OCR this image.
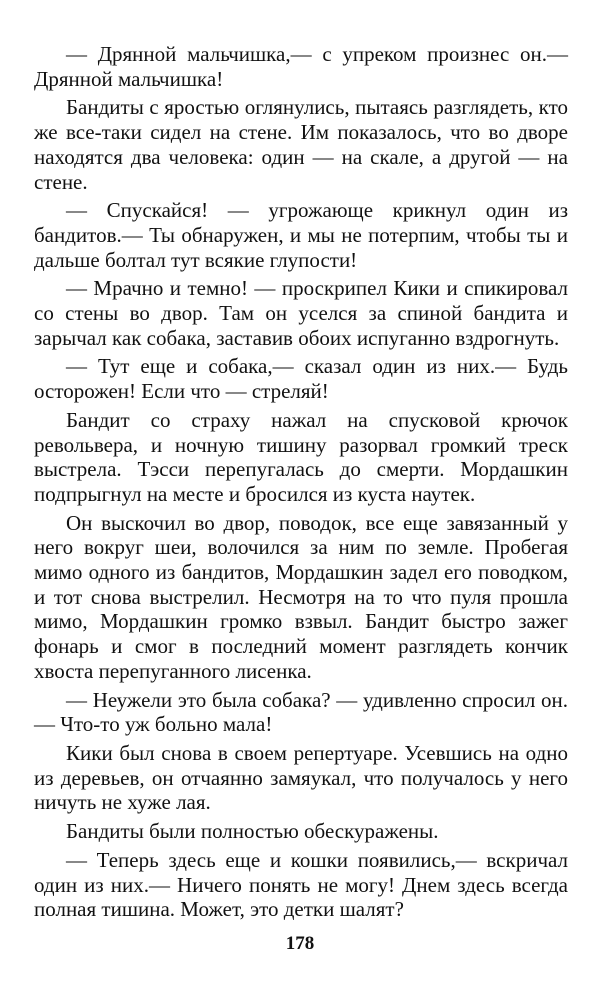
— Дрянной мальчишка,— с упреком произнес он.— Дрянной мальчишка!

Бандиты с яростью оглянулись, пытаясь разглядеть, кто же все-таки сидел на стене. Им показалось, что во дворе находятся два человека: один — на скале, а другой — на стене.

— Спускайся! — угрожающе крикнул один из бандитов.— Ты обнаружен, и мы не потерпим, чтобы ты и дальше болтал тут всякие глупости!

— Мрачно и темно! — проскрипел Кики и спикировал со стены во двор. Там он уселся за спиной бандита и зарычал как собака, заставив обоих испуганно вздрогнуть.

— Тут еще и собака,— сказал один из них.— Будь осторожен! Если что — стреляй!

Бандит со страху нажал на спусковой крючок револьвера, и ночную тишину разорвал громкий треск выстрела. Тэсси перепугалась до смерти. Мордашкин подпрыгнул на месте и бросился из куста наутек.

Он выскочил во двор, поводок, все еще завязанный у него вокруг шеи, волочился за ним по земле. Пробегая мимо одного из бандитов, Мордашкин задел его поводком, и тот снова выстрелил. Несмотря на то что пуля прошла мимо, Мордашкин громко взвыл. Бандит быстро зажег фонарь и смог в последний момент разглядеть кончик хвоста перепуганного лисенка.

— Неужели это была собака? — удивленно спросил он.— Что-то уж больно мала!

Кики был снова в своем репертуаре. Усевшись на одно из деревьев, он отчаянно замяукал, что получалось у него ничуть не хуже лая.

Бандиты были полностью обескуражены.

— Теперь здесь еще и кошки появились,— вскричал один из них.— Ничего понять не могу! Днем здесь всегда полная тишина. Может, это детки шалят?

178
